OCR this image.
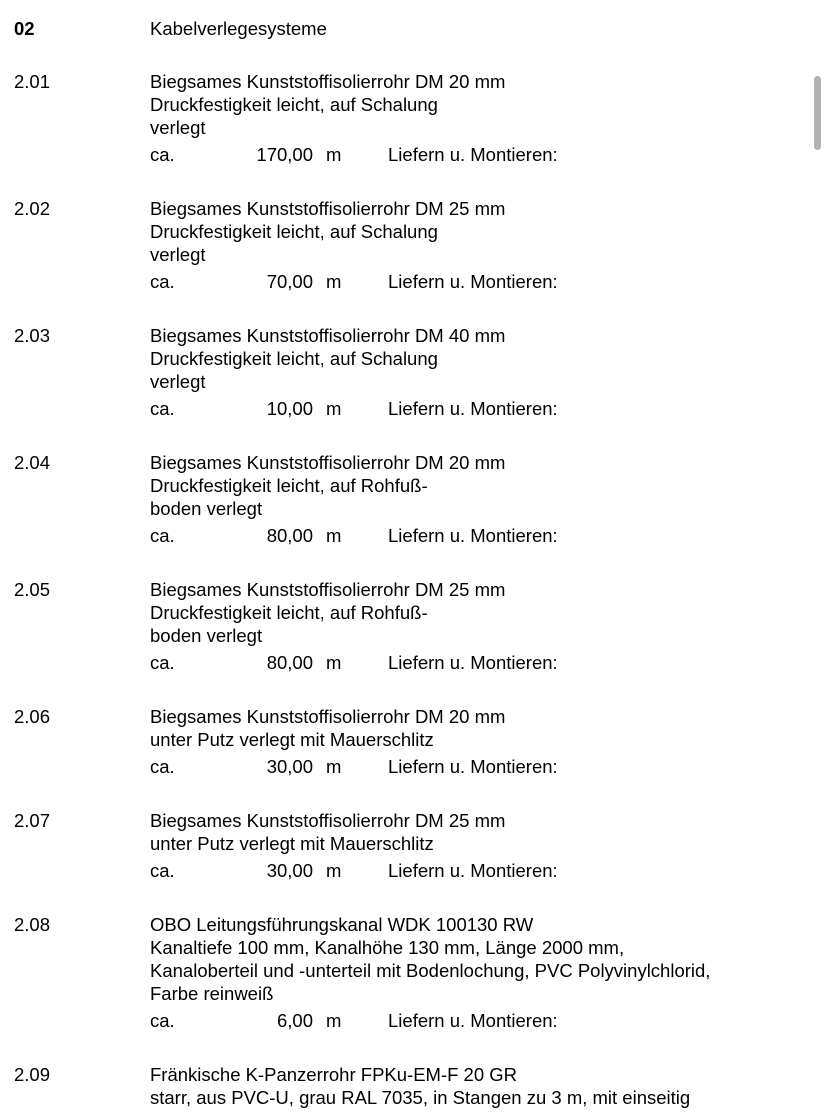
02	Kabelverlegesysteme
2.01	Biegsames Kunststoffisolierrohr DM 20 mm
Druckfestigkeit leicht, auf Schalung
verlegt
ca.	170,00 m	Liefern u. Montieren:
2.02	Biegsames Kunststoffisolierrohr DM 25 mm
Druckfestigkeit leicht, auf Schalung
verlegt
ca.	70,00 m	Liefern u. Montieren:
2.03	Biegsames Kunststoffisolierrohr DM 40 mm
Druckfestigkeit leicht, auf Schalung
verlegt
ca.	10,00 m	Liefern u. Montieren:
2.04	Biegsames Kunststoffisolierrohr DM 20 mm
Druckfestigkeit leicht, auf Rohfuß-
boden verlegt
ca.	80,00 m	Liefern u. Montieren:
2.05	Biegsames Kunststoffisolierrohr DM 25 mm
Druckfestigkeit leicht, auf Rohfuß-
boden verlegt
ca.	80,00 m	Liefern u. Montieren:
2.06	Biegsames Kunststoffisolierrohr DM 20 mm
unter Putz verlegt mit Mauerschlitz
ca.	30,00 m	Liefern u. Montieren:
2.07	Biegsames Kunststoffisolierrohr DM 25 mm
unter Putz verlegt mit Mauerschlitz
ca.	30,00 m	Liefern u. Montieren:
2.08	OBO Leitungsführungskanal WDK 100130 RW
Kanaltiefe 100 mm, Kanalhöhe 130 mm, Länge 2000 mm,
Kanaloberteil und -unterteil mit Bodenlochung, PVC Polyvinylchlorid,
Farbe reinweiß
ca.	6,00 m	Liefern u. Montieren:
2.09	Fränkische K-Panzerrohr FPKu-EM-F 20 GR
starr, aus PVC-U, grau RAL 7035, in Stangen zu 3 m, mit einseitig
